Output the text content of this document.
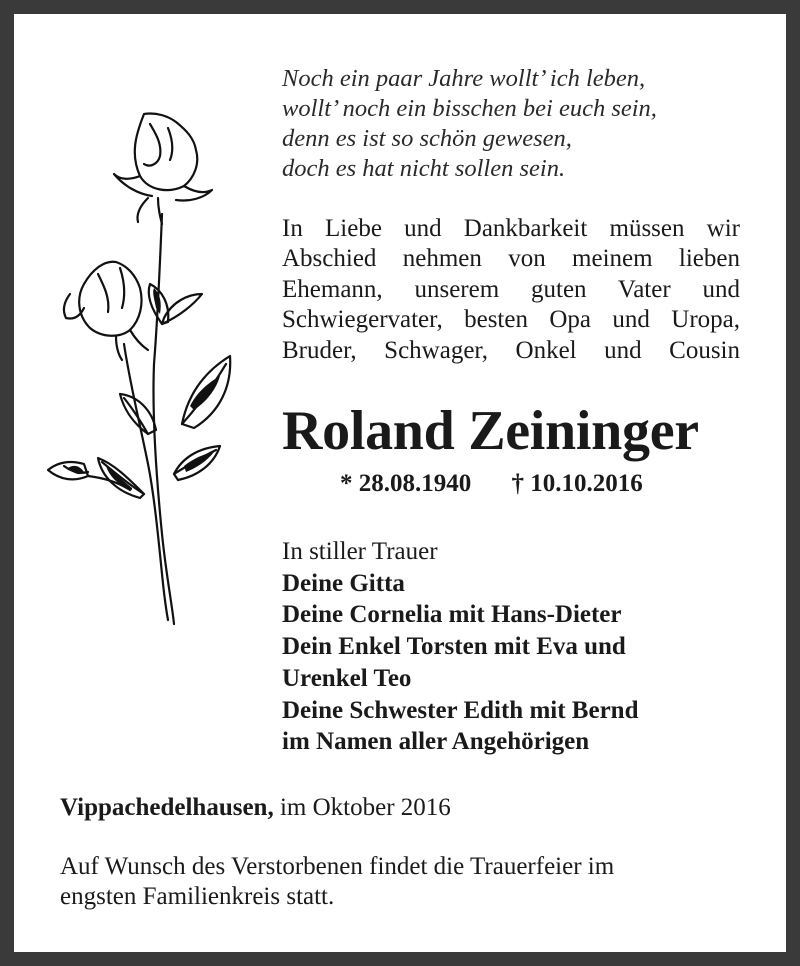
Noch ein paar Jahre wollt’ ich leben,
wollt’ noch ein bisschen bei euch sein,
denn es ist so schön gewesen,
doch es hat nicht sollen sein.
In Liebe und Dankbarkeit müssen wir
Abschied nehmen von meinem lieben
Ehemann, unserem guten Vater und
Schwiegervater, besten Opa und Uropa,
Bruder, Schwager, Onkel und Cousin
Roland Zeininger
* 28.08.1940 † 10.10.2016
In stiller Trauer
Deine Gitta
Deine Cornelia mit Hans-Dieter
Dein Enkel Torsten mit Eva und
Urenkel Teo
Deine Schwester Edith mit Bernd
im Namen aller Angehörigen
Vippachedelhausen, im Oktober 2016
Auf Wunsch des Verstorbenen findet die Trauerfeier im
engsten Familienkreis statt.
